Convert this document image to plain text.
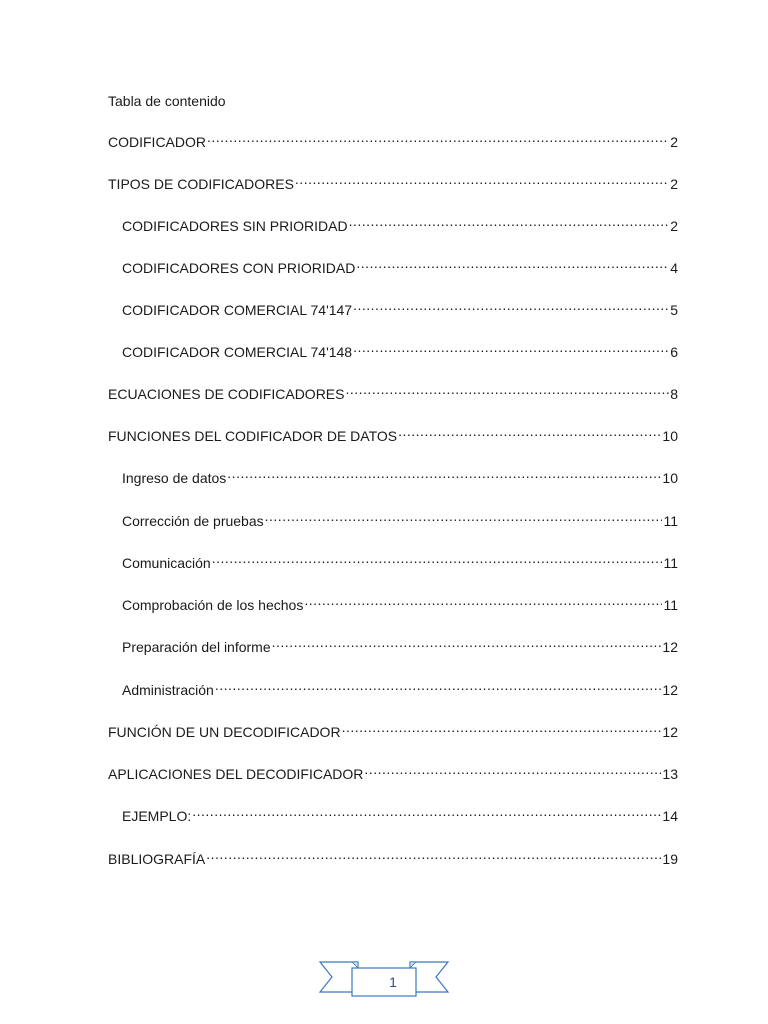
Tabla de contenido
CODIFICADOR .....	2
TIPOS DE CODIFICADORES .....	2
CODIFICADORES SIN PRIORIDAD .....	2
CODIFICADORES CON PRIORIDAD .....	4
CODIFICADOR COMERCIAL 74'147 .....	5
CODIFICADOR COMERCIAL 74'148 .....	6
ECUACIONES DE CODIFICADORES .....	8
FUNCIONES DEL CODIFICADOR DE DATOS .....	10
Ingreso de datos .....	10
Corrección de pruebas .....	11
Comunicación .....	11
Comprobación de los hechos .....	11
Preparación del informe .....	12
Administración .....	12
FUNCIÓN DE UN DECODIFICADOR .....	12
APLICACIONES DEL DECODIFICADOR .....	13
EJEMPLO: .....	14
BIBLIOGRAFÍA .....	19
1
